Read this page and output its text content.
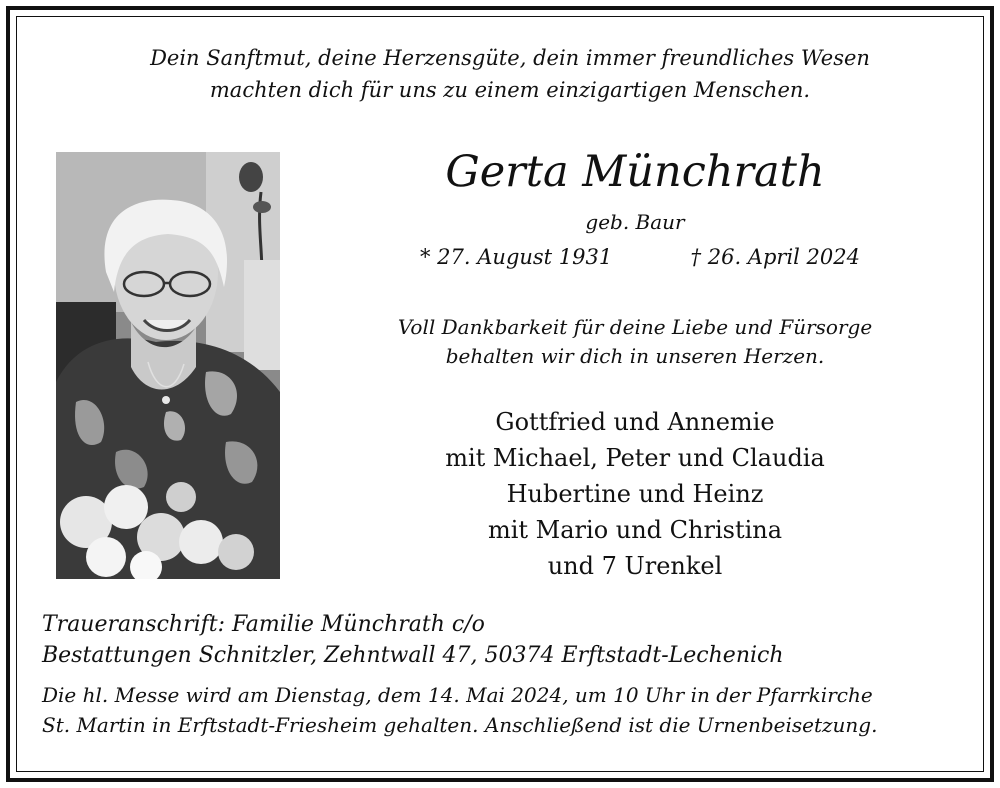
Dein Sanftmut, deine Herzensgüte, dein immer freundliches Wesen
machten dich für uns zu einem einzigartigen Menschen.
Gerta Münchrath
geb. Baur
* 27. August 1931	† 26. April 2024
Voll Dankbarkeit für deine Liebe und Fürsorge
behalten wir dich in unseren Herzen.
Gottfried und Annemie
mit Michael, Peter und Claudia
Hubertine und Heinz
mit Mario und Christina
und 7 Urenkel
Traueranschrift: Familie Münchrath c/o
Bestattungen Schnitzler, Zehntwall 47, 50374 Erftstadt-Lechenich
Die hl. Messe wird am Dienstag, dem 14. Mai 2024, um 10 Uhr in der Pfarrkirche
St. Martin in Erftstadt-Friesheim gehalten. Anschließend ist die Urnenbeisetzung.
